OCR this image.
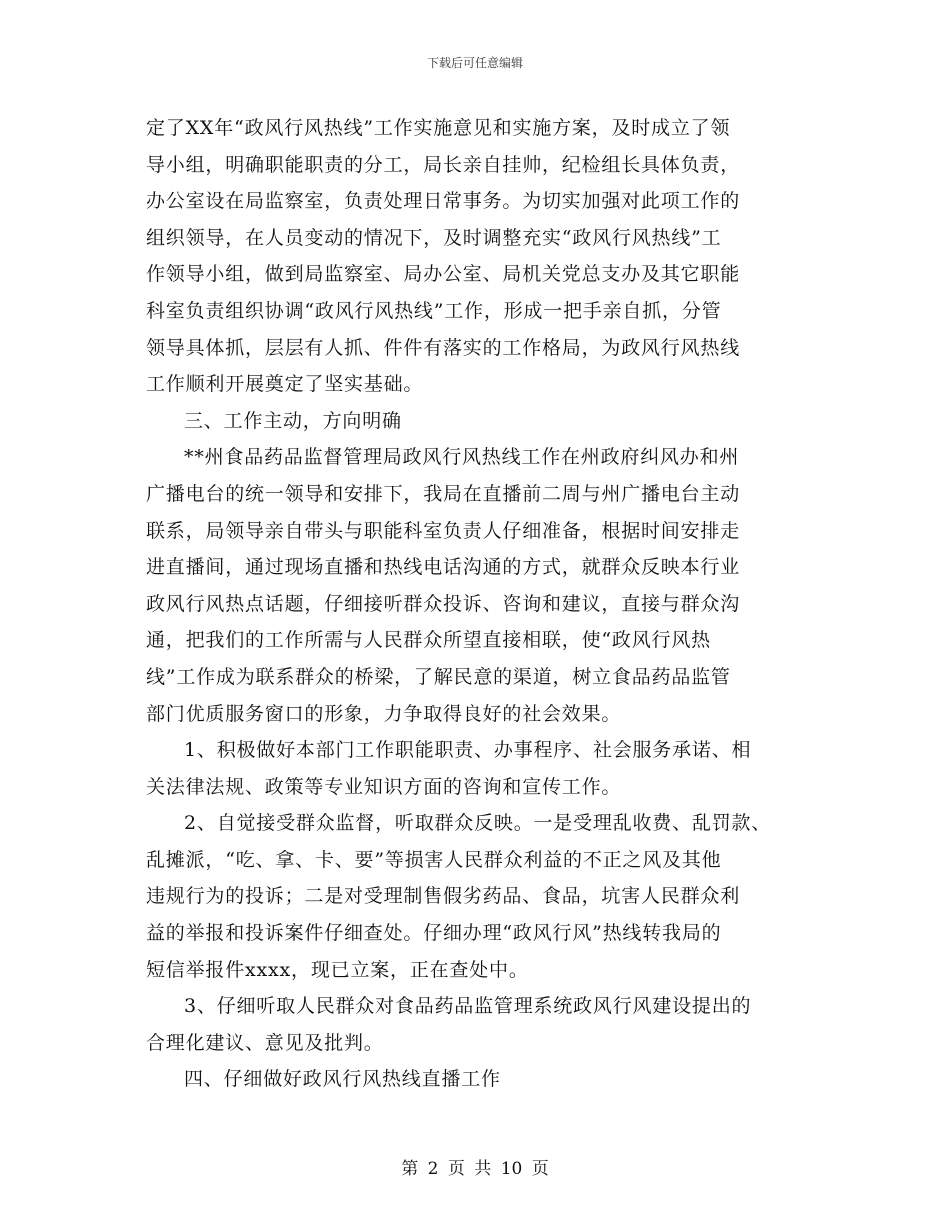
下载后可任意编辑
定了XX年“政风行风热线”工作实施意见和实施方案，及时成立了领
导小组，明确职能职责的分工，局长亲自挂帅，纪检组长具体负责，
办公室设在局监察室，负责处理日常事务。为切实加强对此项工作的
组织领导，在人员变动的情况下，及时调整充实“政风行风热线”工
作领导小组，做到局监察室、局办公室、局机关党总支办及其它职能
科室负责组织协调“政风行风热线”工作，形成一把手亲自抓，分管
领导具体抓，层层有人抓、件件有落实的工作格局，为政风行风热线
工作顺利开展奠定了坚实基础。
三、工作主动，方向明确
**州食品药品监督管理局政风行风热线工作在州政府纠风办和州
广播电台的统一领导和安排下，我局在直播前二周与州广播电台主动
联系，局领导亲自带头与职能科室负责人仔细准备，根据时间安排走
进直播间，通过现场直播和热线电话沟通的方式，就群众反映本行业
政风行风热点话题，仔细接听群众投诉、咨询和建议，直接与群众沟
通，把我们的工作所需与人民群众所望直接相联，使“政风行风热
线”工作成为联系群众的桥梁，了解民意的渠道，树立食品药品监管
部门优质服务窗口的形象，力争取得良好的社会效果。
1、积极做好本部门工作职能职责、办事程序、社会服务承诺、相
关法律法规、政策等专业知识方面的咨询和宣传工作。
2、自觉接受群众监督，听取群众反映。一是受理乱收费、乱罚款、
乱摊派，“吃、拿、卡、要”等损害人民群众利益的不正之风及其他
违规行为的投诉；二是对受理制售假劣药品、食品，坑害人民群众利
益的举报和投诉案件仔细查处。仔细办理“政风行风”热线转我局的
短信举报件xxxx，现已立案，正在查处中。
3、仔细听取人民群众对食品药品监管理系统政风行风建设提出的
合理化建议、意见及批判。
四、仔细做好政风行风热线直播工作
第 2 页 共 10 页
